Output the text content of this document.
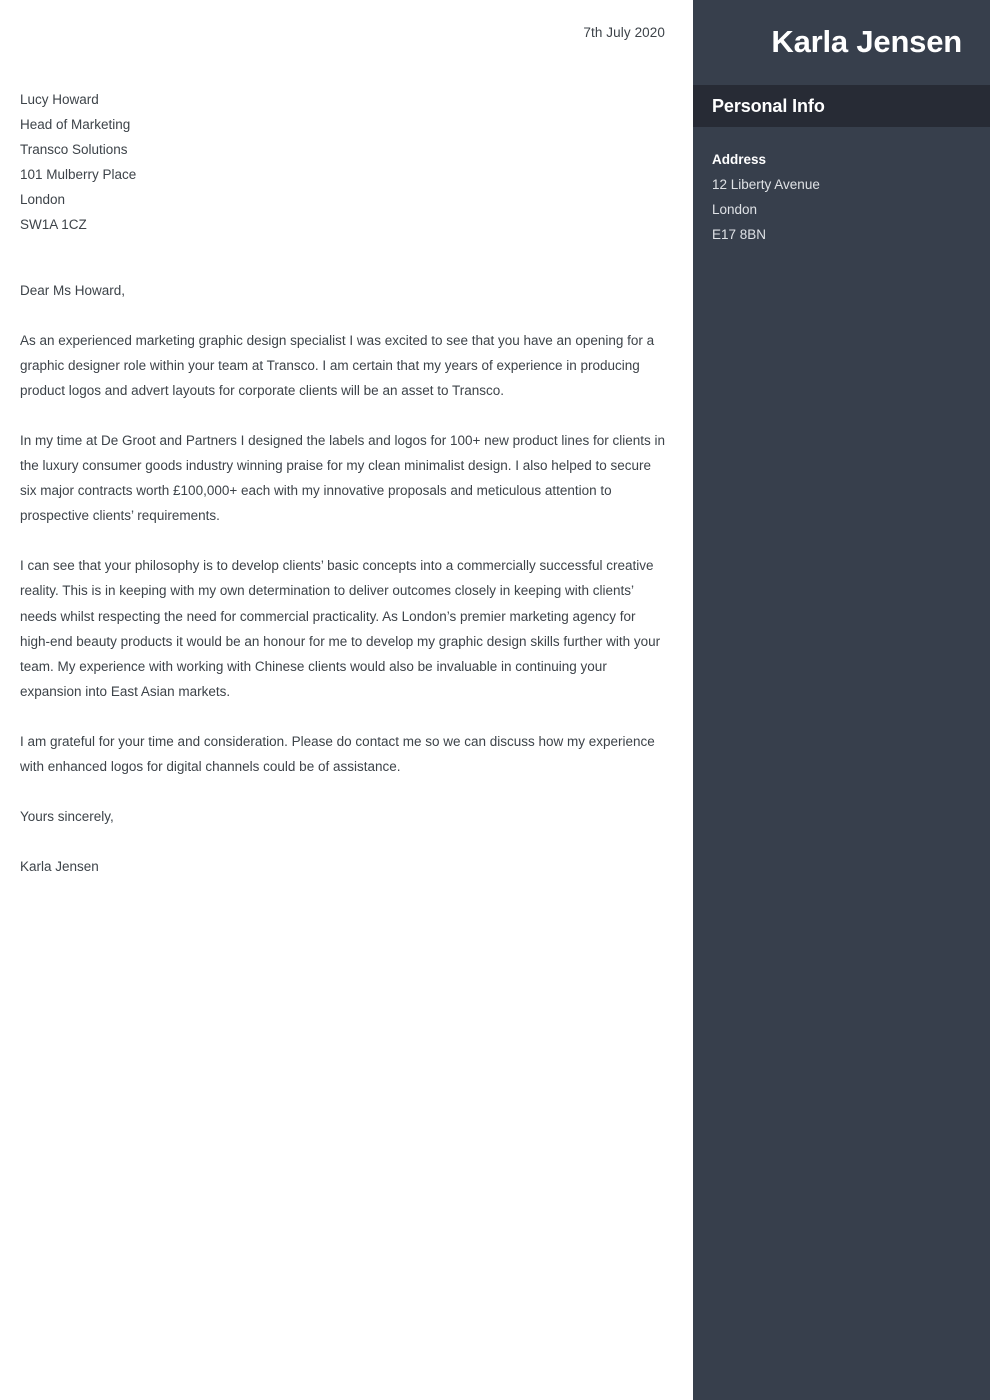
7th July 2020
Lucy Howard
Head of Marketing
Transco Solutions
101 Mulberry Place
London
SW1A 1CZ
Dear Ms Howard,

As an experienced marketing graphic design specialist I was excited to see that you have an opening for a graphic designer role within your team at Transco. I am certain that my years of experience in producing product logos and advert layouts for corporate clients will be an asset to Transco.

In my time at De Groot and Partners I designed the labels and logos for 100+ new product lines for clients in the luxury consumer goods industry winning praise for my clean minimalist design. I also helped to secure six major contracts worth £100,000+ each with my innovative proposals and meticulous attention to prospective clients’ requirements.

I can see that your philosophy is to develop clients’ basic concepts into a commercially successful creative reality. This is in keeping with my own determination to deliver outcomes closely in keeping with clients’ needs whilst respecting the need for commercial practicality. As London’s premier marketing agency for high-end beauty products it would be an honour for me to develop my graphic design skills further with your team. My experience with working with Chinese clients would also be invaluable in continuing your expansion into East Asian markets.

I am grateful for your time and consideration. Please do contact me so we can discuss how my experience with enhanced logos for digital channels could be of assistance.

Yours sincerely,
Karla Jensen
Karla Jensen
Personal Info
Address
12 Liberty Avenue
London
E17 8BN
